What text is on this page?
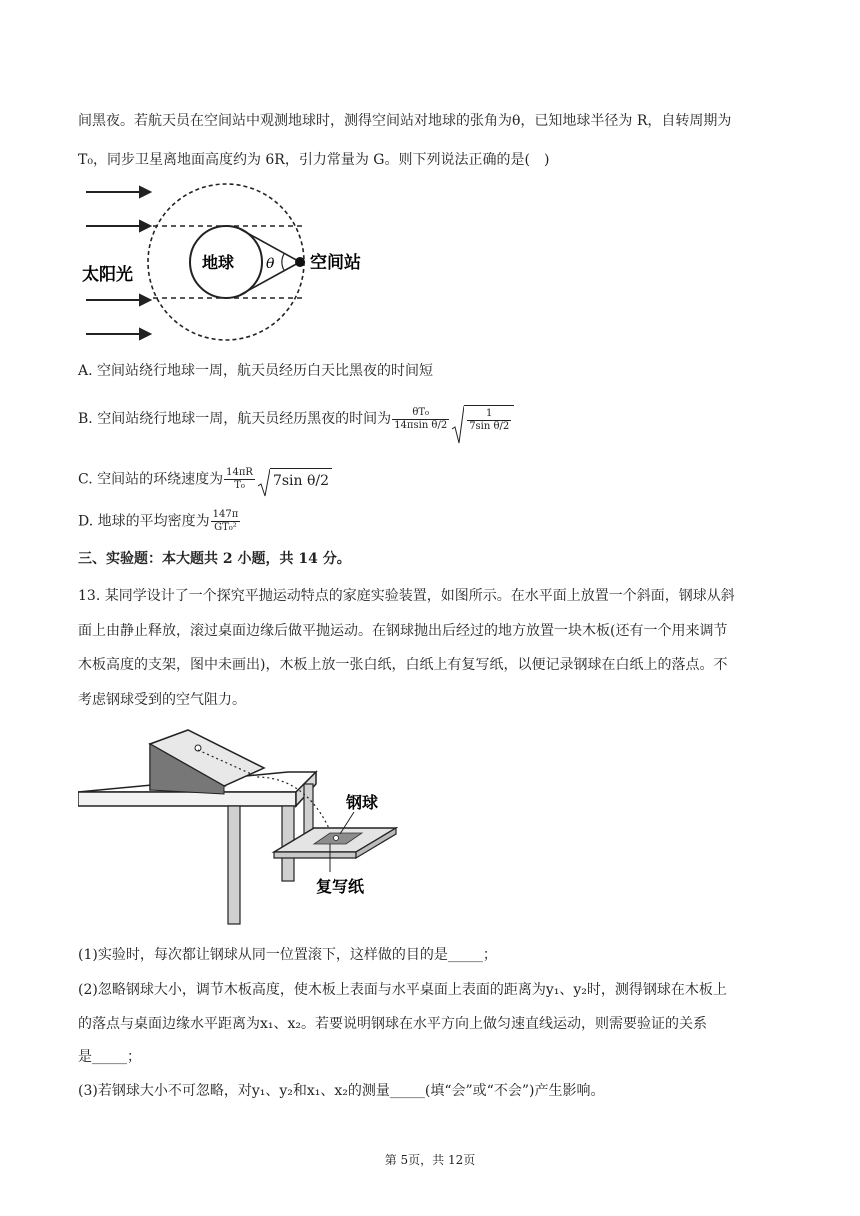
间黑夜。若航天员在空间站中观测地球时，测得空间站对地球的张角为θ，已知地球半径为 R，自转周期为
T₀，同步卫星离地面高度约为 6R，引力常量为 G。则下列说法正确的是(　)
地球 θ 空间站
太阳光
A. 空间站绕行地球一周，航天员经历白天比黑夜的时间短
B. 空间站绕行地球一周，航天员经历黑夜的时间为 $\frac{\text{θT₀}}{\text{14πsin θ/2}} \frac{1}{\text{7sin θ/2}}$
C. 空间站的环绕速度为 $\frac{14\pi R}{\text{T₀}} 7\sin$ θ/2
D. 地球的平均密度为 $\frac{147\pi}{\text{GT₀²}}$
三、实验题：本大题共 2 小题，共 14 分。
13. 某同学设计了一个探究平抛运动特点的家庭实验装置，如图所示。在水平面上放置一个斜面，钢球从斜
面上由静止释放，滚过桌面边缘后做平抛运动。在钢球抛出后经过的地方放置一块木板(还有一个用来调节
木板高度的支架，图中未画出)，木板上放一张白纸，白纸上有复写纸，以便记录钢球在白纸上的落点。不
考虑钢球受到的空气阻力。
钢球
复写纸
(1)实验时，每次都让钢球从同一位置滚下，这样做的目的是_____；
(2)忽略钢球大小，调节木板高度，使木板上表面与水平桌面上表面的距离为y₁、y₂时，测得钢球在木板上
的落点与桌面边缘水平距离为x₁、x₂。若要说明钢球在水平方向上做匀速直线运动，则需要验证的关系
是_____；
(3)若钢球大小不可忽略，对y₁、y₂和x₁、x₂的测量_____(填“会”或“不会”)产生影响。
第 5页，共 12页
